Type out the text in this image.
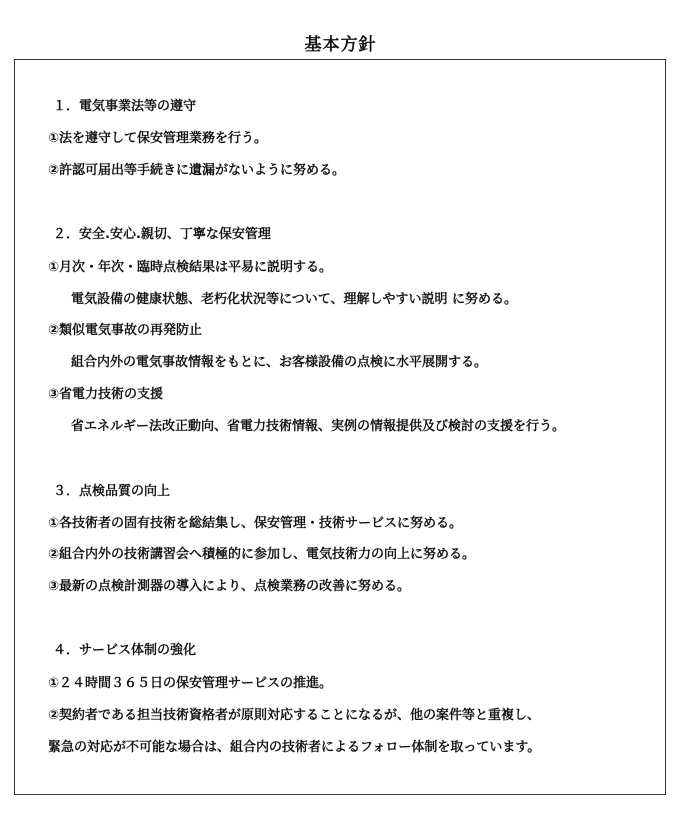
基本方針
１．電気事業法等の遵守
①法を遵守して保安管理業務を行う。
②許認可届出等手続きに遺漏がないように努める。
２．安全.安心.親切、丁寧な保安管理
①月次・年次・臨時点検結果は平易に説明する。
電気設備の健康状態、老朽化状況等について、理解しやすい説明 に努める。
②類似電気事故の再発防止
組合内外の電気事故情報をもとに、お客様設備の点検に水平展開する。
③省電力技術の支援
省エネルギー法改正動向、省電力技術情報、実例の情報提供及び検討の支援を行う。
３．点検品質の向上
①各技術者の固有技術を総結集し、保安管理・技術サービスに努める。
②組合内外の技術講習会へ積極的に参加し、電気技術力の向上に努める。
③最新の点検計測器の導入により、点検業務の改善に努める。
４．サービス体制の強化
①２４時間３６５日の保安管理サービスの推進。
②契約者である担当技術資格者が原則対応することになるが、他の案件等と重複し、
緊急の対応が不可能な場合は、組合内の技術者によるフォロー体制を取っています。
